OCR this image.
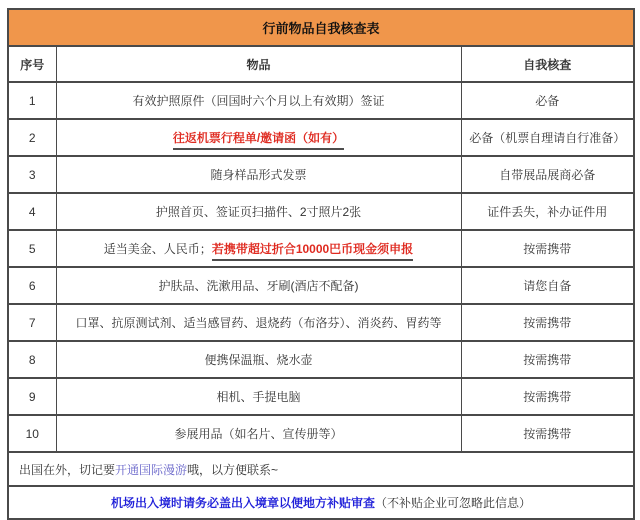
行前物品自我核查表		
序号	物品	自我核查
1	有效护照原件（回国时六个月以上有效期）签证	必备
2	往返机票行程单/邀请函（如有）	必备（机票自理请自行准备）
3	随身样品形式发票	自带展品展商必备
4	护照首页、签证页扫描件、2寸照片2张	证件丢失，补办证件用
5	适当美金、人民币；若携带超过折合10000巴币现金须申报	按需携带
6	护肤品、洗漱用品、牙刷(酒店不配备)	请您自备
7	口罩、抗原测试剂、适当感冒药、退烧药（布洛芬）、消炎药、胃药等	按需携带
8	便携保温瓶、烧水壶	按需携带
9	相机、手提电脑	按需携带
10	参展用品（如名片、宣传册等）	按需携带
出国在外，切记要开通国际漫游哦，以方便联系~		
机场出入境时请务必盖出入境章以便地方补贴审查（不补贴企业可忽略此信息）		
